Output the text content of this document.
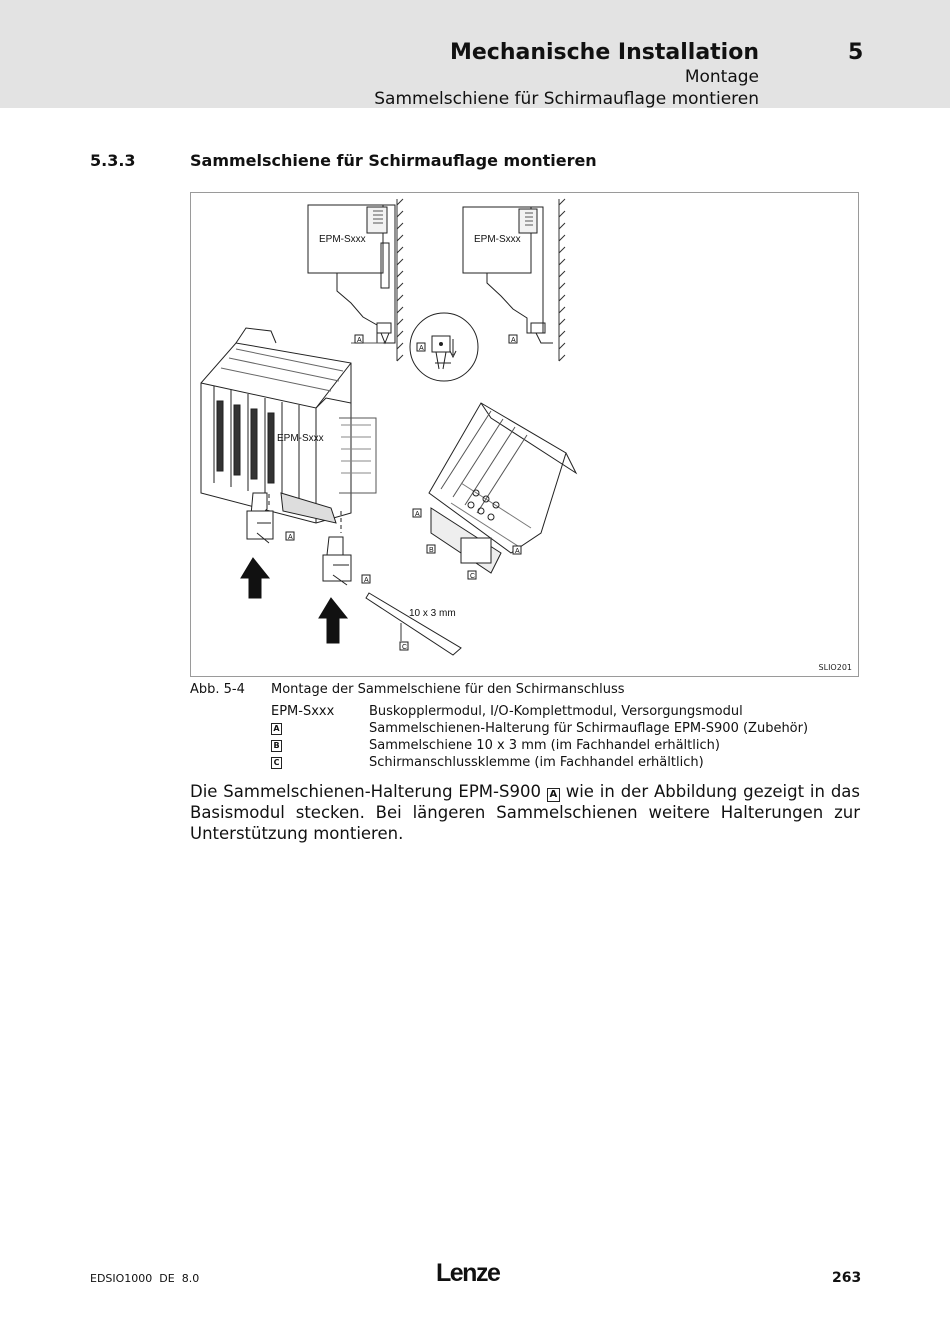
Mechanische Installation	5
Montage
Sammelschiene für Schirmauflage montieren
5.3.3	Sammelschiene für Schirmauflage montieren
EPM-Sxxx	EPM-Sxxx
EPM-Sxxx
10 x 3 mm
A
A
A
A
A
A
B	A
C
C
SLIO201
Abb. 5-4 Montage der Sammelschiene für den Schirmanschluss
EPM-Sxxx	Buskopplermodul, I/O-Komplettmodul, Versorgungsmodul
A	Sammelschienen-Halterung für Schirmauflage EPM-S900 (Zubehör)
B	Sammelschiene 10 x 3 mm (im Fachhandel erhältlich)
C	Schirmanschlussklemme (im Fachhandel erhältlich)
Die Sammelschienen-Halterung EPM-S900 A wie in der Abbildung gezeigt in das Basismodul stecken. Bei längeren Sammelschienen weitere Halterungen zur Unterstützung montieren.
EDSIO1000  DE  8.0	Lenze	263
